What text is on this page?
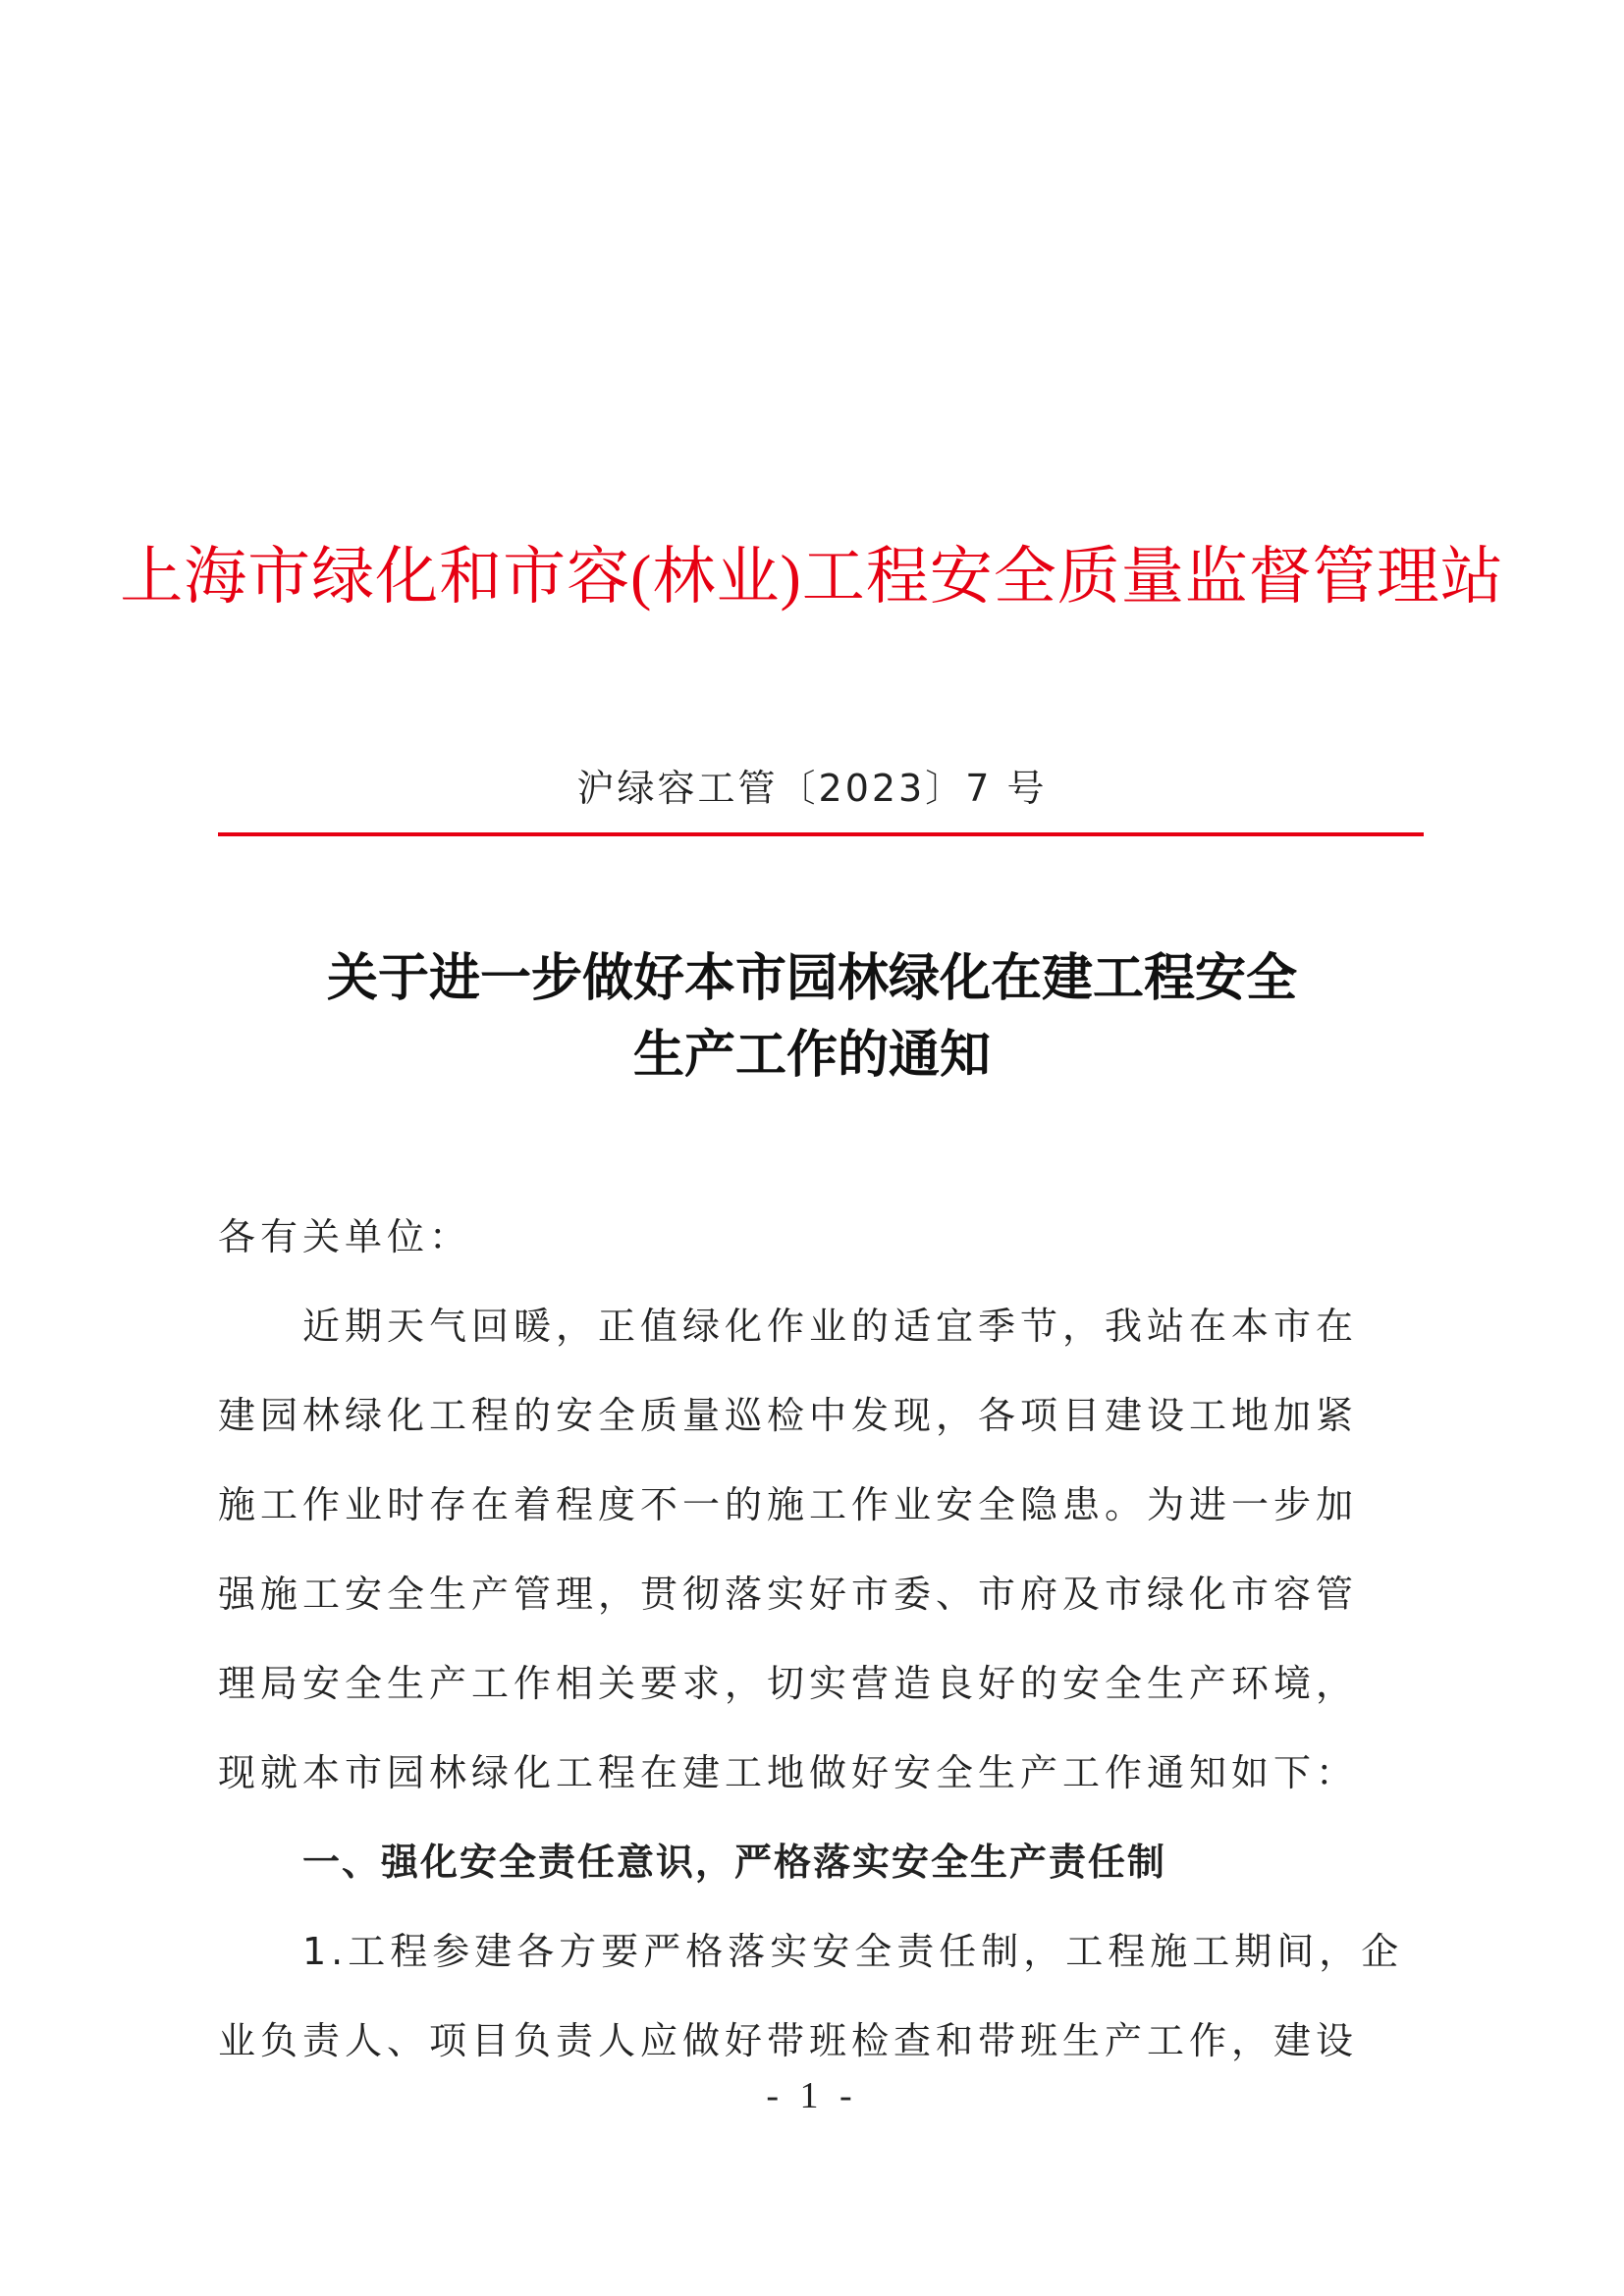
上海市绿化和市容(林业)工程安全质量监督管理站
沪绿容工管〔2023〕7 号
关于进一步做好本市园林绿化在建工程安全
生产工作的通知
各有关单位：
近期天气回暖，正值绿化作业的适宜季节，我站在本市在
建园林绿化工程的安全质量巡检中发现，各项目建设工地加紧
施工作业时存在着程度不一的施工作业安全隐患。为进一步加
强施工安全生产管理，贯彻落实好市委、市府及市绿化市容管
理局安全生产工作相关要求，切实营造良好的安全生产环境，
现就本市园林绿化工程在建工地做好安全生产工作通知如下：
一、强化安全责任意识，严格落实安全生产责任制
1.工程参建各方要严格落实安全责任制，工程施工期间，企
业负责人、项目负责人应做好带班检查和带班生产工作，建设
- 1 -
